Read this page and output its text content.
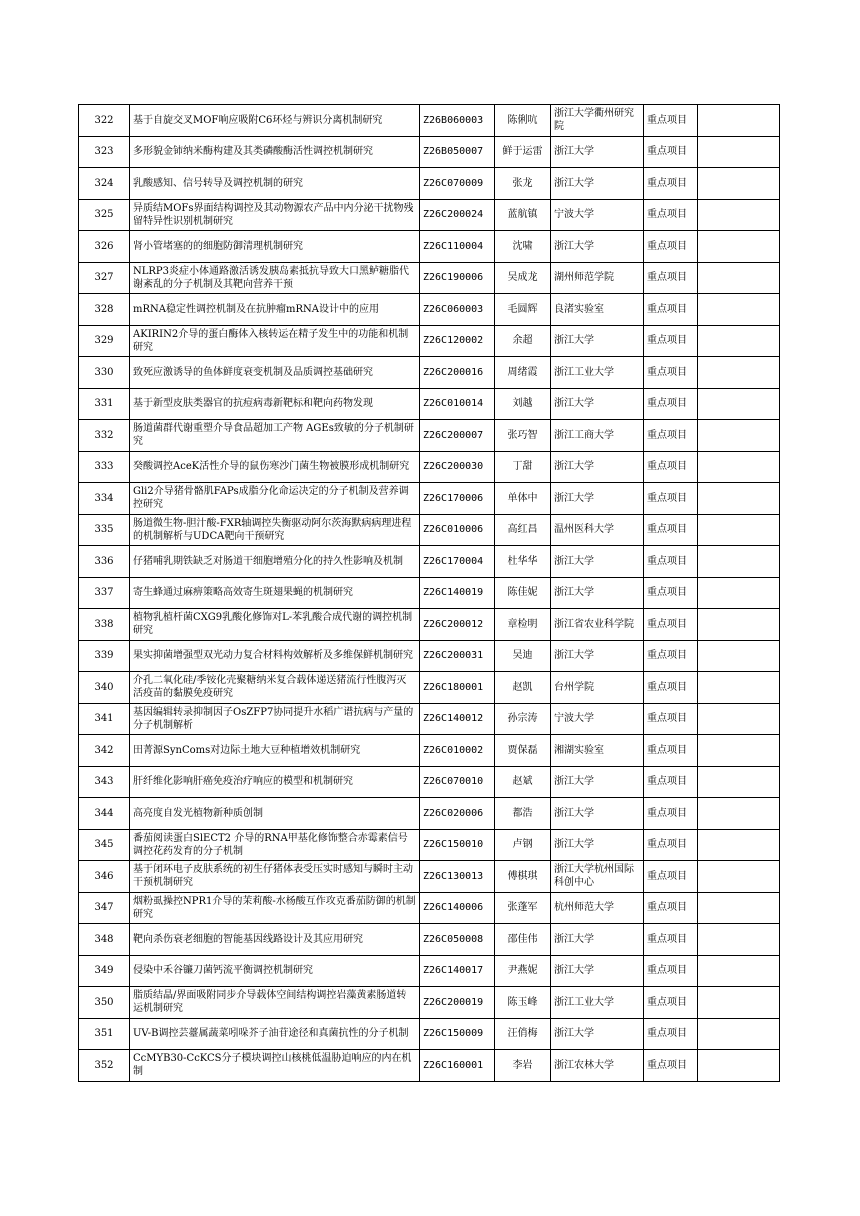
322	基于自旋交叉MOF响应吸附C6环烃与辨识分离机制研究	Z26B060003	陈俐吭	浙江大学衢州研究院	重点项目	
323	多形貌金铈纳米酶构建及其类磷酸酶活性调控机制研究	Z26B050007	鲜于运雷	浙江大学	重点项目	
324	乳酸感知、信号转导及调控机制的研究	Z26C070009	张龙	浙江大学	重点项目	
325	异质结MOFs界面结构调控及其动物源农产品中内分泌干扰物残留特异性识别机制研究	Z26C200024	蓝航镇	宁波大学	重点项目	
326	肾小管堵塞的的细胞防御清理机制研究	Z26C110004	沈啸	浙江大学	重点项目	
327	NLRP3炎症小体通路激活诱发胰岛素抵抗导致大口黑鲈糖脂代谢紊乱的分子机制及其靶向营养干预	Z26C190006	吴成龙	湖州师范学院	重点项目	
328	mRNA稳定性调控机制及在抗肿瘤mRNA设计中的应用	Z26C060003	毛圆辉	良渚实验室	重点项目	
329	AKIRIN2介导的蛋白酶体入核转运在精子发生中的功能和机制研究	Z26C120002	余超	浙江大学	重点项目	
330	致死应激诱导的鱼体鲜度衰变机制及品质调控基础研究	Z26C200016	周绪霞	浙江工业大学	重点项目	
331	基于新型皮肤类器官的抗痘病毒新靶标和靶向药物发现	Z26C010014	刘越	浙江大学	重点项目	
332	肠道菌群代谢重塑介导食品超加工产物 AGEs致敏的分子机制研究	Z26C200007	张巧智	浙江工商大学	重点项目	
333	癸酸调控AceK活性介导的鼠伤寒沙门菌生物被膜形成机制研究	Z26C200030	丁甜	浙江大学	重点项目	
334	Gli2介导猪骨骼肌FAPs成脂分化命运决定的分子机制及营养调控研究	Z26C170006	单体中	浙江大学	重点项目	
335	肠道微生物-胆汁酸-FXR轴调控失衡驱动阿尔茨海默病病理进程的机制解析与UDCA靶向干预研究	Z26C010006	高红昌	温州医科大学	重点项目	
336	仔猪哺乳期铁缺乏对肠道干细胞增殖分化的持久性影响及机制	Z26C170004	杜华华	浙江大学	重点项目	
337	寄生蜂通过麻痹策略高效寄生斑翅果蝇的机制研究	Z26C140019	陈佳妮	浙江大学	重点项目	
338	植物乳植杆菌CXG9乳酸化修饰对L-苯乳酸合成代谢的调控机制研究	Z26C200012	章检明	浙江省农业科学院	重点项目	
339	果实抑菌增强型双光动力复合材料构效解析及多维保鲜机制研究	Z26C200031	吴迪	浙江大学	重点项目	
340	介孔二氧化硅/季铵化壳聚糖纳米复合载体递送猪流行性腹泻灭活疫苗的黏膜免疫研究	Z26C180001	赵凯	台州学院	重点项目	
341	基因编辑转录抑制因子OsZFP7协同提升水稻广谱抗病与产量的分子机制解析	Z26C140012	孙宗涛	宁波大学	重点项目	
342	田菁源SynComs对边际土地大豆种植增效机制研究	Z26C010002	贾保磊	湘湖实验室	重点项目	
343	肝纤维化影响肝癌免疫治疗响应的模型和机制研究	Z26C070010	赵斌	浙江大学	重点项目	
344	高亮度自发光植物新种质创制	Z26C020006	都浩	浙江大学	重点项目	
345	番茄阅读蛋白SlECT2 介导的RNA甲基化修饰整合赤霉素信号调控花药发育的分子机制	Z26C150010	卢钢	浙江大学	重点项目	
346	基于闭环电子皮肤系统的初生仔猪体表受压实时感知与瞬时主动干预机制研究	Z26C130013	傅棋琪	浙江大学杭州国际科创中心	重点项目	
347	烟粉虱操控NPR1介导的茉莉酸-水杨酸互作攻克番茄防御的机制研究	Z26C140006	张蓬军	杭州师范大学	重点项目	
348	靶向杀伤衰老细胞的智能基因线路设计及其应用研究	Z26C050008	邵佳伟	浙江大学	重点项目	
349	侵染中禾谷镰刀菌钙流平衡调控机制研究	Z26C140017	尹燕妮	浙江大学	重点项目	
350	脂质结晶/界面吸附同步介导载体空间结构调控岩藻黄素肠道转运机制研究	Z26C200019	陈玉峰	浙江工业大学	重点项目	
351	UV-B调控芸薹属蔬菜吲哚芥子油苷途径和真菌抗性的分子机制	Z26C150009	汪俏梅	浙江大学	重点项目	
352	CcMYB30-CcKCS分子模块调控山核桃低温胁迫响应的内在机制	Z26C160001	李岩	浙江农林大学	重点项目	
